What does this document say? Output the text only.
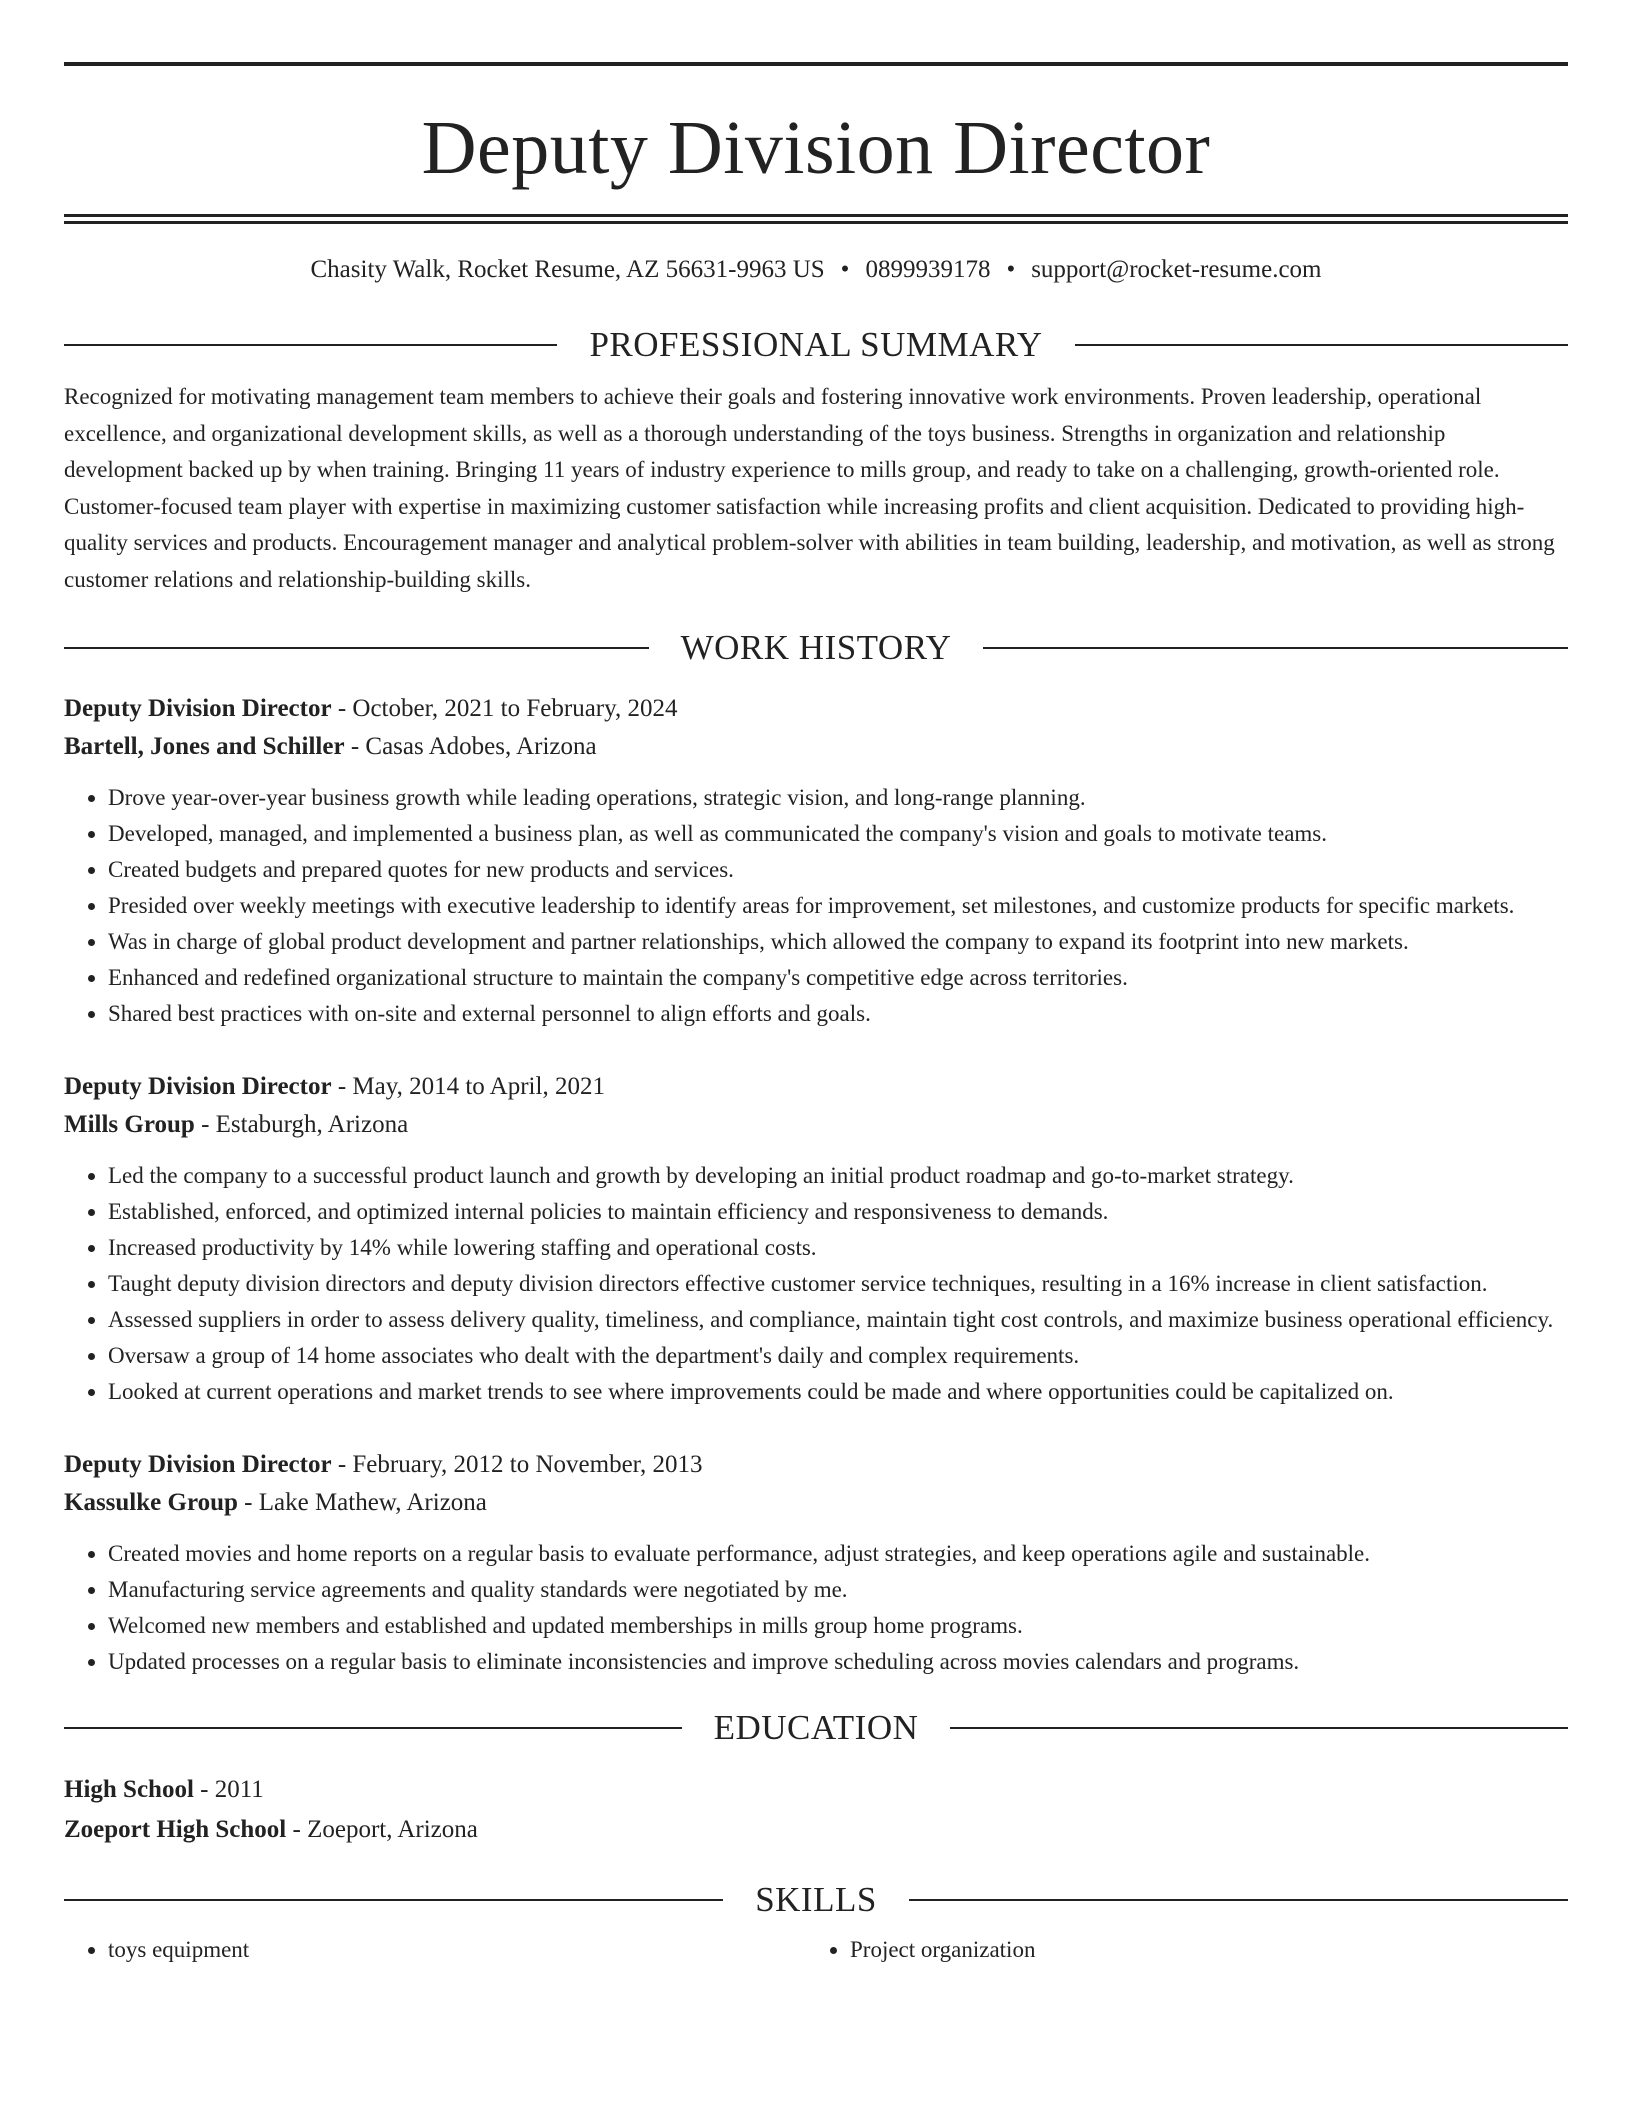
Deputy Division Director
Chasity Walk, Rocket Resume, AZ 56631-9963 US • 0899939178 • support@rocket-resume.com
PROFESSIONAL SUMMARY
Recognized for motivating management team members to achieve their goals and fostering innovative work environments. Proven leadership, operational excellence, and organizational development skills, as well as a thorough understanding of the toys business. Strengths in organization and relationship development backed up by when training. Bringing 11 years of industry experience to mills group, and ready to take on a challenging, growth-oriented role. Customer-focused team player with expertise in maximizing customer satisfaction while increasing profits and client acquisition. Dedicated to providing high-quality services and products. Encouragement manager and analytical problem-solver with abilities in team building, leadership, and motivation, as well as strong customer relations and relationship-building skills.
WORK HISTORY
Deputy Division Director - October, 2021 to February, 2024
Bartell, Jones and Schiller - Casas Adobes, Arizona
• Drove year-over-year business growth while leading operations, strategic vision, and long-range planning.
• Developed, managed, and implemented a business plan, as well as communicated the company's vision and goals to motivate teams.
• Created budgets and prepared quotes for new products and services.
• Presided over weekly meetings with executive leadership to identify areas for improvement, set milestones, and customize products for specific markets.
• Was in charge of global product development and partner relationships, which allowed the company to expand its footprint into new markets.
• Enhanced and redefined organizational structure to maintain the company's competitive edge across territories.
• Shared best practices with on-site and external personnel to align efforts and goals.
Deputy Division Director - May, 2014 to April, 2021
Mills Group - Estaburgh, Arizona
• Led the company to a successful product launch and growth by developing an initial product roadmap and go-to-market strategy.
• Established, enforced, and optimized internal policies to maintain efficiency and responsiveness to demands.
• Increased productivity by 14% while lowering staffing and operational costs.
• Taught deputy division directors and deputy division directors effective customer service techniques, resulting in a 16% increase in client satisfaction.
• Assessed suppliers in order to assess delivery quality, timeliness, and compliance, maintain tight cost controls, and maximize business operational efficiency.
• Oversaw a group of 14 home associates who dealt with the department's daily and complex requirements.
• Looked at current operations and market trends to see where improvements could be made and where opportunities could be capitalized on.
Deputy Division Director - February, 2012 to November, 2013
Kassulke Group - Lake Mathew, Arizona
• Created movies and home reports on a regular basis to evaluate performance, adjust strategies, and keep operations agile and sustainable.
• Manufacturing service agreements and quality standards were negotiated by me.
• Welcomed new members and established and updated memberships in mills group home programs.
• Updated processes on a regular basis to eliminate inconsistencies and improve scheduling across movies calendars and programs.
EDUCATION
High School - 2011
Zoeport High School - Zoeport, Arizona
SKILLS
• toys equipment
•	Project organization
